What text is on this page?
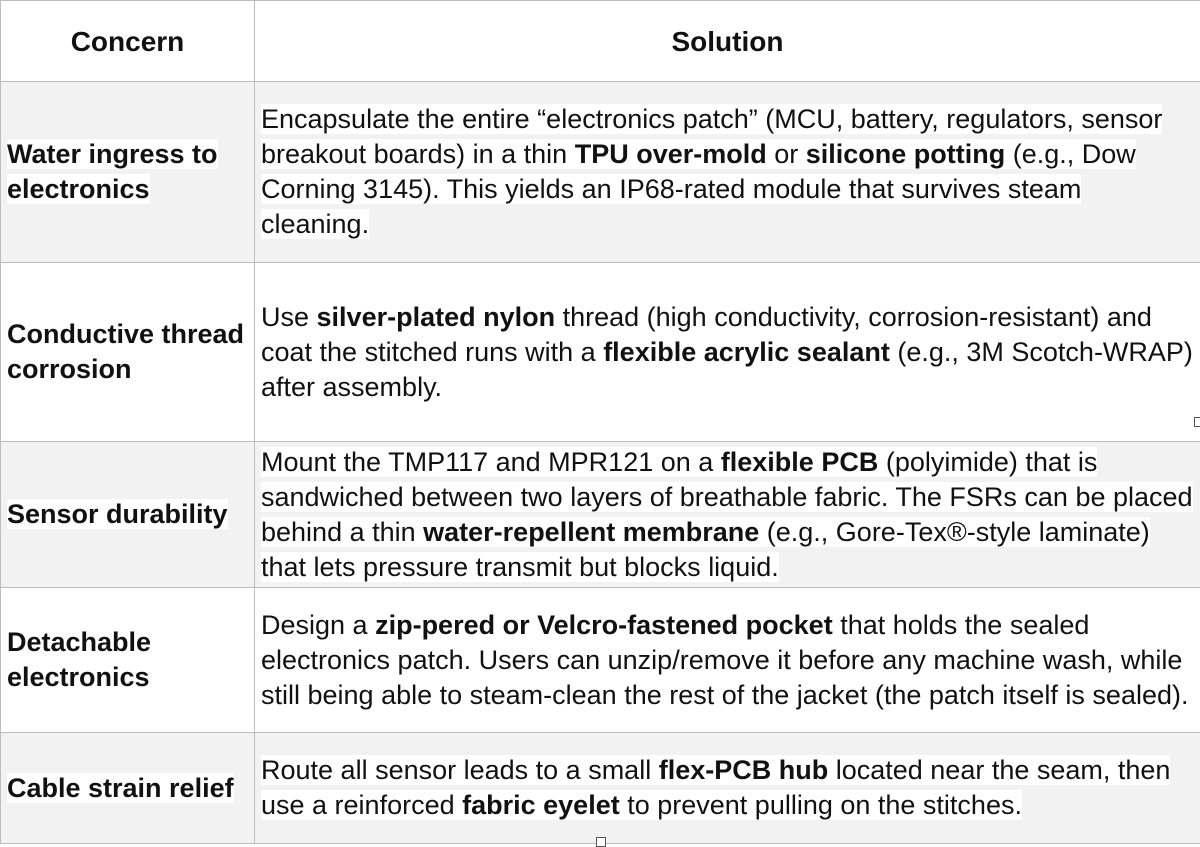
Concern	Solution
Water ingress to electronics	Encapsulate the entire “electronics patch” (MCU, battery, regulators, sensor breakout boards) in a thin TPU over-mold or silicone potting (e.g., Dow Corning 3145). This yields an IP68-rated module that survives steam cleaning.
Conductive thread corrosion	Use silver-plated nylon thread (high conductivity, corrosion-resistant) and coat the stitched runs with a flexible acrylic sealant (e.g., 3M Scotch-WRAP) after assembly.
Sensor durability	Mount the TMP117 and MPR121 on a flexible PCB (polyimide) that is sandwiched between two layers of breathable fabric. The FSRs can be placed behind a thin water-repellent membrane (e.g., Gore-Tex®-style laminate) that lets pressure transmit but blocks liquid.
Detachable electronics	Design a zip-pered or Velcro-fastened pocket that holds the sealed electronics patch. Users can unzip/remove it before any machine wash, while still being able to steam-clean the rest of the jacket (the patch itself is sealed).
Cable strain relief	Route all sensor leads to a small flex-PCB hub located near the seam, then use a reinforced fabric eyelet to prevent pulling on the stitches.
